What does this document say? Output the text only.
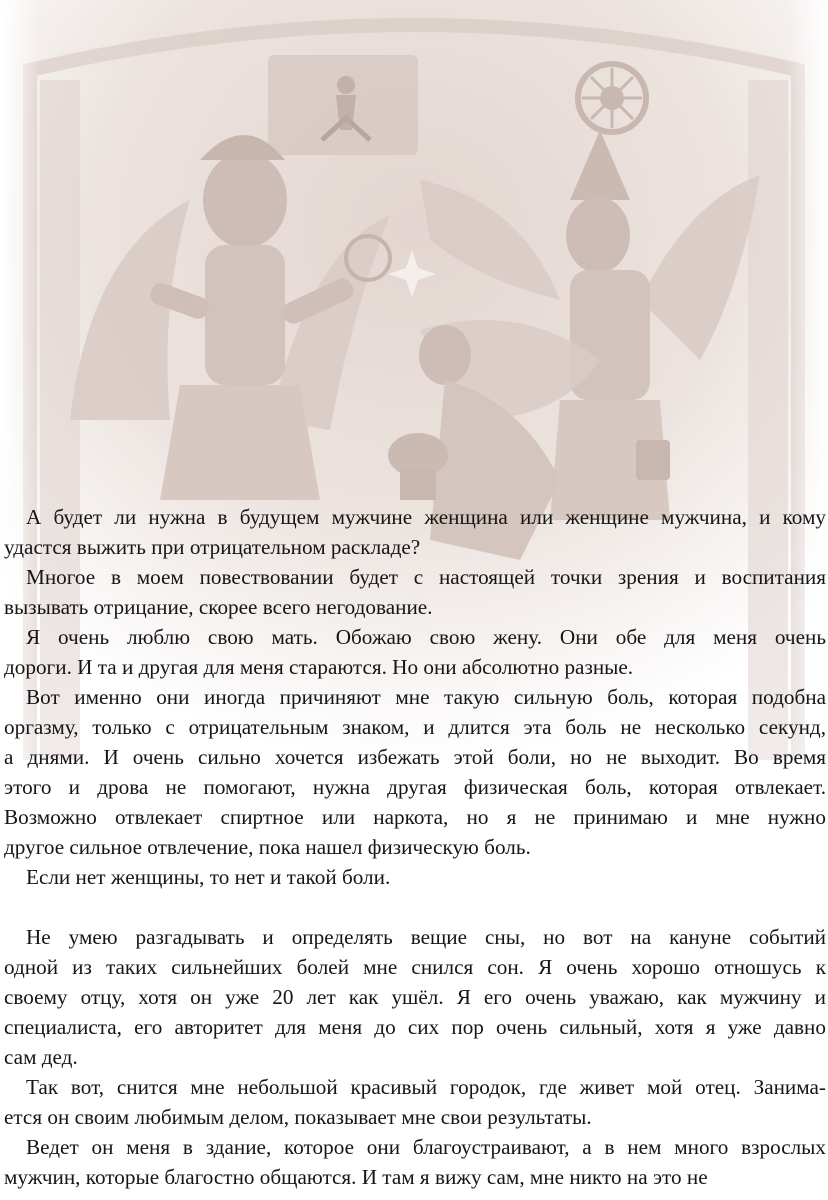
А будет ли нужна в будущем мужчине женщина или женщине мужчина, и кому
удастся выжить при отрицательном раскладе?

Многое в моем повествовании будет с настоящей точки зрения и воспитания
вызывать отрицание, скорее всего негодование.

Я очень люблю свою мать. Обожаю свою жену. Они обе для меня очень
дороги. И та и другая для меня стараются. Но они абсолютно разные.

Вот именно они иногда причиняют мне такую сильную боль, которая подобна
оргазму, только с отрицательным знаком, и длится эта боль не несколько секунд,
а днями. И очень сильно хочется избежать этой боли, но не выходит. Во время
этого и дрова не помогают, нужна другая физическая боль, которая отвлекает.
Возможно отвлекает спиртное или наркота, но я не принимаю и мне нужно
другое сильное отвлечение, пока нашел физическую боль.

Если нет женщины, то нет и такой боли.

Не умею разгадывать и определять вещие сны, но вот на кануне событий
одной из таких сильнейших болей мне снился сон. Я очень хорошо отношусь к
своему отцу, хотя он уже 20 лет как ушёл. Я его очень уважаю, как мужчину и
специалиста, его авторитет для меня до сих пор очень сильный, хотя я уже давно
сам дед.

Так вот, снится мне небольшой красивый городок, где живет мой отец. Занима-
ется он своим любимым делом, показывает мне свои результаты.

Ведет он меня в здание, которое они благоустраивают, а в нем много взрослых
мужчин, которые благостно общаются. И там я вижу сам, мне никто на это не
